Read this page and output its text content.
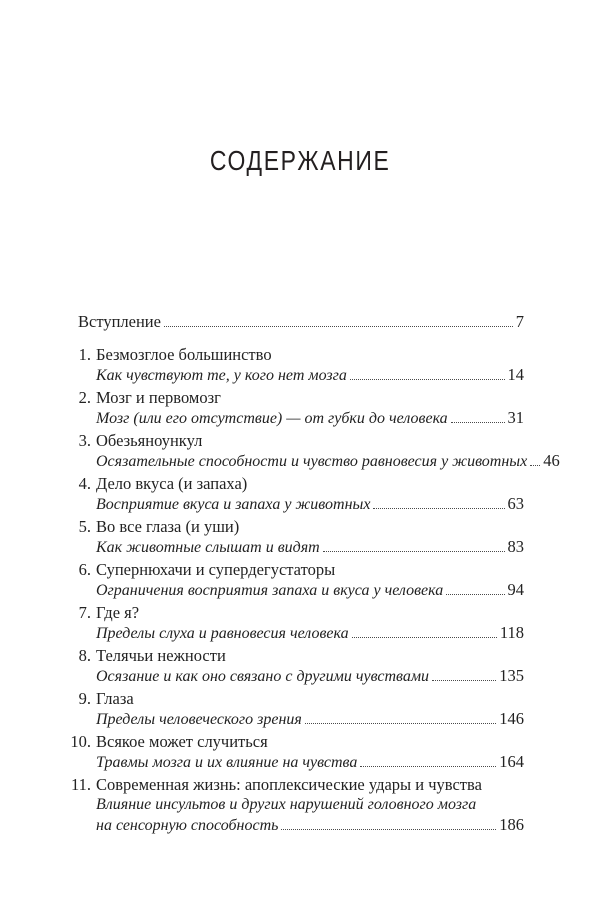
СОДЕРЖАНИЕ
Вступление	7
1. Безмозглое большинство
Как чувствуют те, у кого нет мозга	14
2. Мозг и первомозг
Мозг (или его отсутствие) — от губки до человека	31
3. Обезьяноункул
Осязательные способности и чувство равновесия у животных 46
4. Дело вкуса (и запаха)
Восприятие вкуса и запаха у животных	63
5. Во все глаза (и уши)
Как животные слышат и видят	83
6. Супернюхачи и супердегустаторы
Ограничения восприятия запаха и вкуса у человека	94
7. Где я?
Пределы слуха и равновесия человека	118
8. Телячьи нежности
Осязание и как оно связано с другими чувствами	135
9. Глаза
Пределы человеческого зрения	146
10. Всякое может случиться
Травмы мозга и их влияние на чувства	164
11. Современная жизнь: апоплексические удары и чувства
Влияние инсультов и других нарушений головного мозга
на сенсорную способность	186
